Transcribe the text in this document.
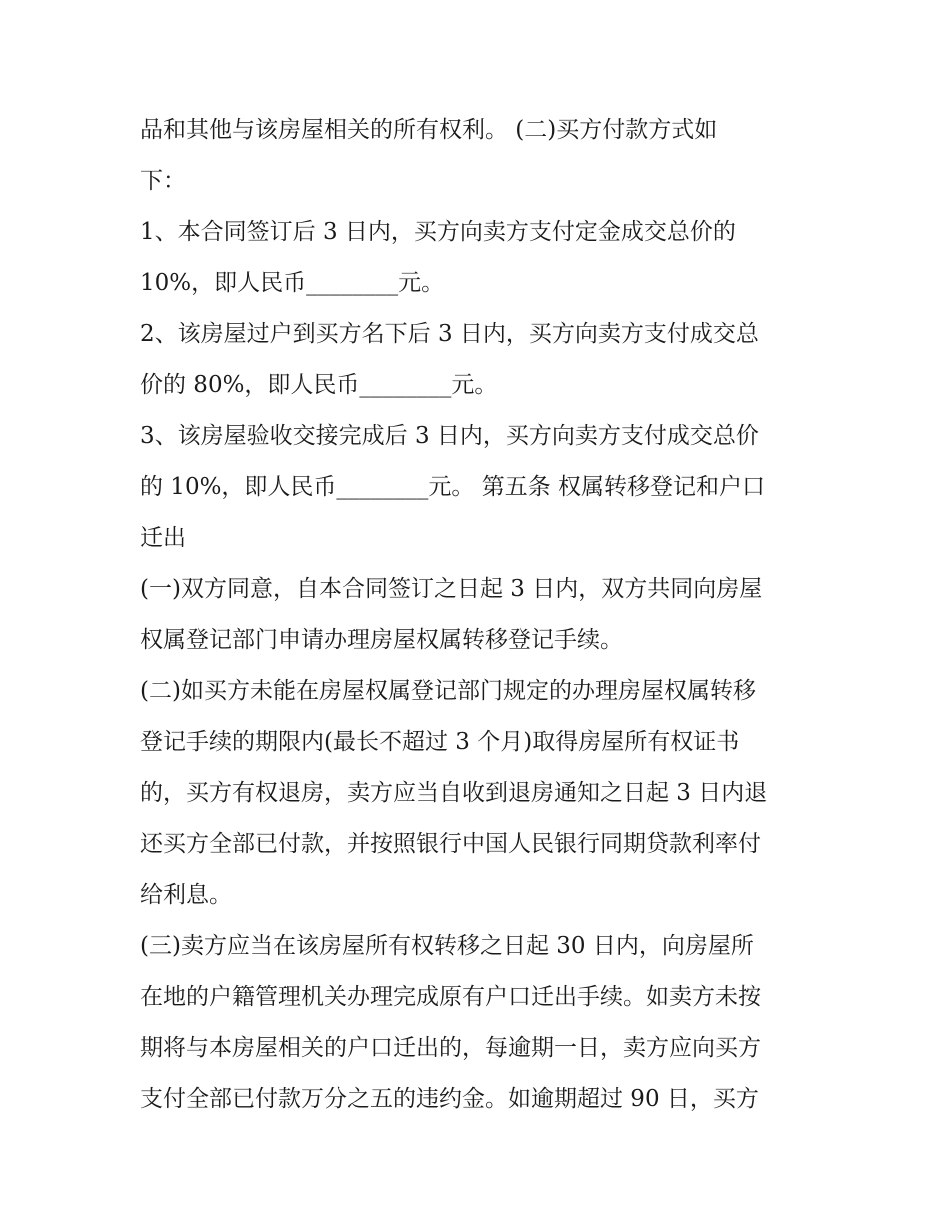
品和其他与该房屋相关的所有权利。 (二)买方付款方式如
下：
1、本合同签订后 3 日内，买方向卖方支付定金成交总价的
10%，即人民币________元。
2、该房屋过户到买方名下后 3 日内，买方向卖方支付成交总
价的 80%，即人民币________元。
3、该房屋验收交接完成后 3 日内，买方向卖方支付成交总价
的 10%，即人民币________元。 第五条 权属转移登记和户口
迁出
(一)双方同意，自本合同签订之日起 3 日内，双方共同向房屋
权属登记部门申请办理房屋权属转移登记手续。
(二)如买方未能在房屋权属登记部门规定的办理房屋权属转移
登记手续的期限内(最长不超过 3 个月)取得房屋所有权证书
的，买方有权退房，卖方应当自收到退房通知之日起 3 日内退
还买方全部已付款，并按照银行中国人民银行同期贷款利率付
给利息。
(三)卖方应当在该房屋所有权转移之日起 30 日内，向房屋所
在地的户籍管理机关办理完成原有户口迁出手续。如卖方未按
期将与本房屋相关的户口迁出的，每逾期一日，卖方应向买方
支付全部已付款万分之五的违约金。如逾期超过 90 日，买方
